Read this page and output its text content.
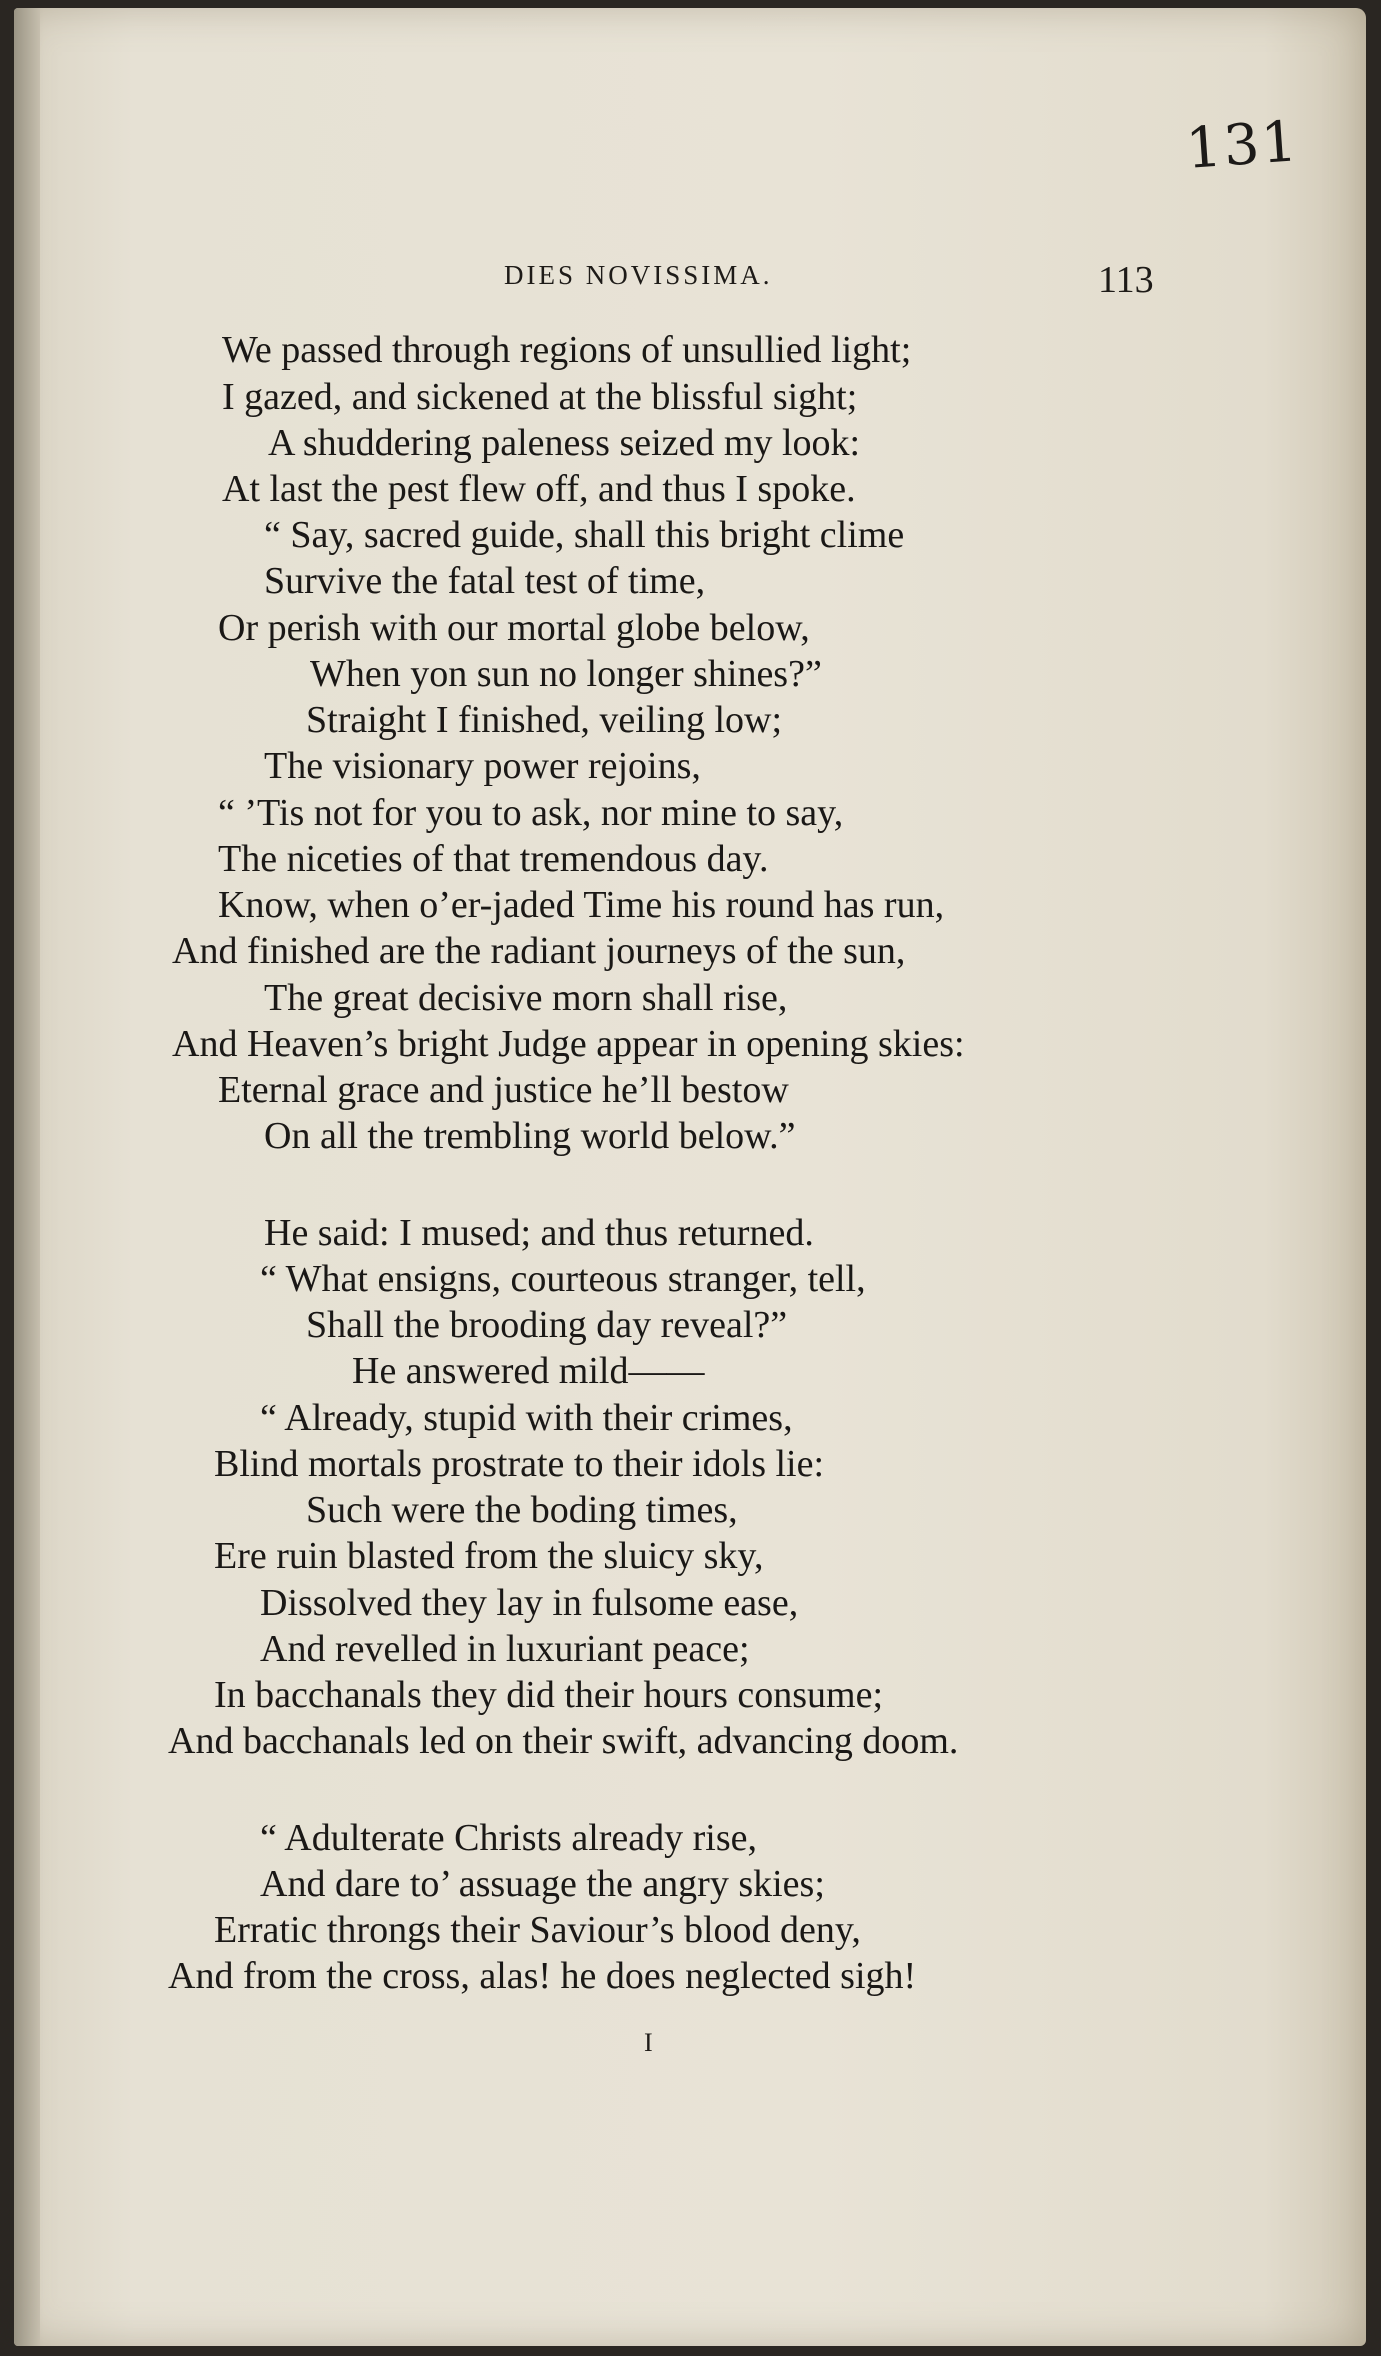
131
DIES NOVISSIMA.	113
We passed through regions of unsullied light;
I gazed, and sickened at the blissful sight;
A shuddering paleness seized my look:
At last the pest flew off, and thus I spoke.
“ Say, sacred guide, shall this bright clime
Survive the fatal test of time,
Or perish with our mortal globe below,
When yon sun no longer shines?”
Straight I finished, veiling low;
The visionary power rejoins,
“ ’Tis not for you to ask, nor mine to say,
The niceties of that tremendous day.
Know, when o’er-jaded Time his round has run,
And finished are the radiant journeys of the sun,
The great decisive morn shall rise,
And Heaven’s bright Judge appear in opening skies:
Eternal grace and justice he’ll bestow
On all the trembling world below.”
He said: I mused; and thus returned.
“ What ensigns, courteous stranger, tell,
Shall the brooding day reveal?”
He answered mild——
“ Already, stupid with their crimes,
Blind mortals prostrate to their idols lie:
Such were the boding times,
Ere ruin blasted from the sluicy sky,
Dissolved they lay in fulsome ease,
And revelled in luxuriant peace;
In bacchanals they did their hours consume;
And bacchanals led on their swift, advancing doom.
“ Adulterate Christs already rise,
And dare to’ assuage the angry skies;
Erratic throngs their Saviour’s blood deny,
And from the cross, alas! he does neglected sigh!
I
